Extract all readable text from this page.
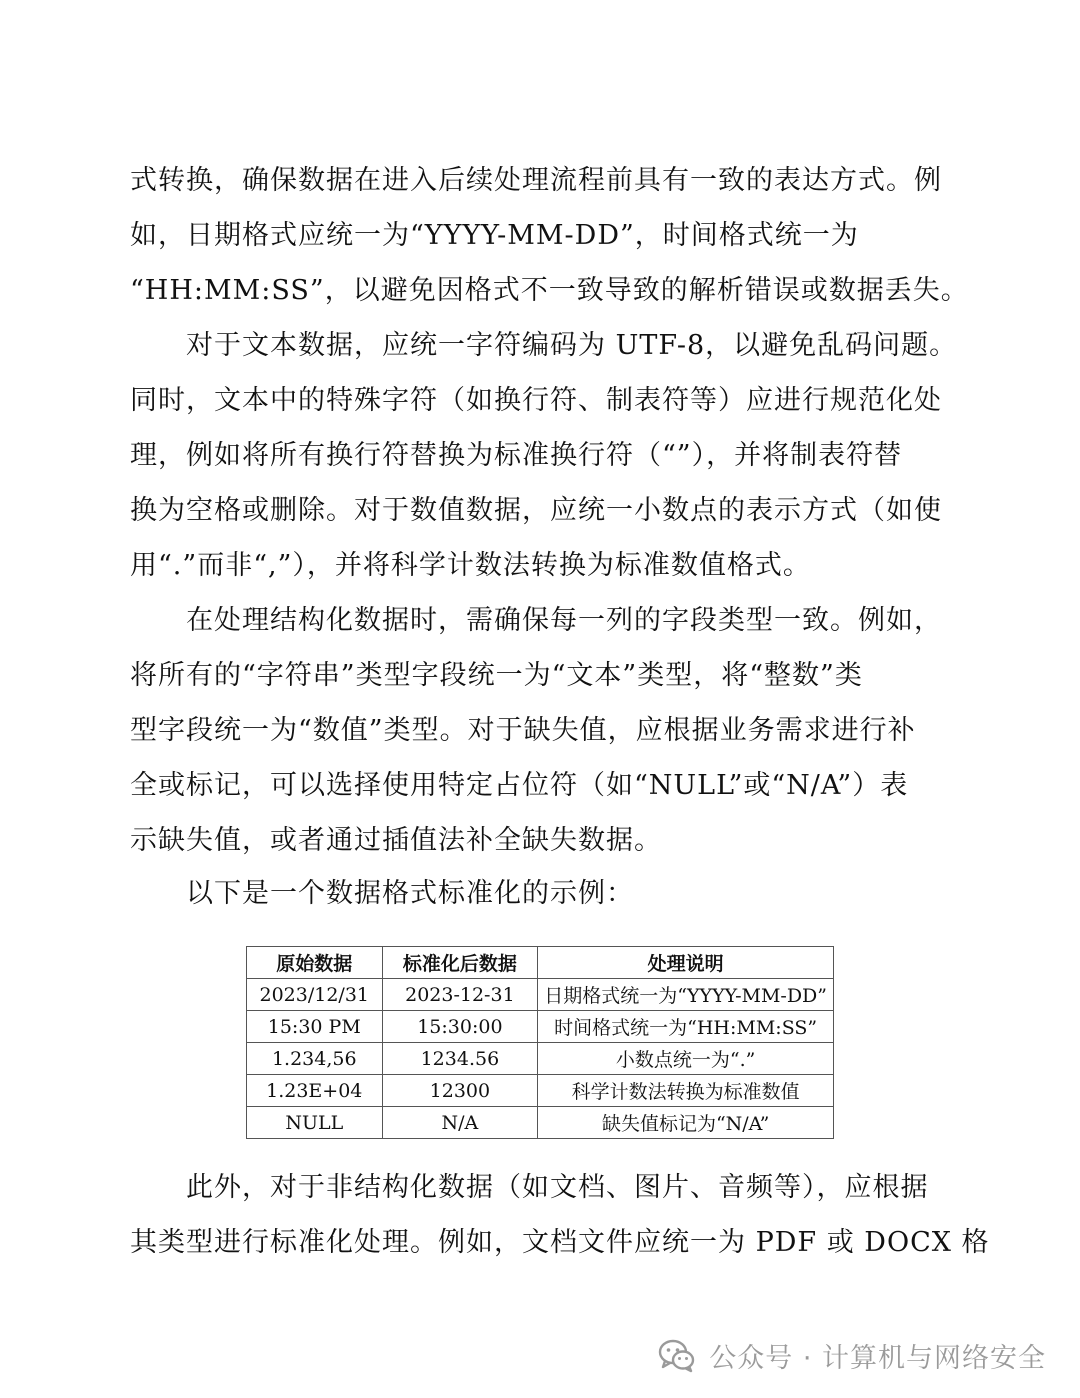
式转换，确保数据在进入后续处理流程前具有一致的表达方式。例
如，日期格式应统一为“YYYY-MM-DD”，时间格式统一为
“HH:MM:SS”，以避免因格式不一致导致的解析错误或数据丢失。

对于文本数据，应统一字符编码为 UTF-8，以避免乱码问题。
同时，文本中的特殊字符（如换行符、制表符等）应进行规范化处
理，例如将所有换行符替换为标准换行符（“”），并将制表符替
换为空格或删除。对于数值数据，应统一小数点的表示方式（如使
用“.”而非“,”），并将科学计数法转换为标准数值格式。

在处理结构化数据时，需确保每一列的字段类型一致。例如，
将所有的“字符串”类型字段统一为“文本”类型，将“整数”类
型字段统一为“数值”类型。对于缺失值，应根据业务需求进行补
全或标记，可以选择使用特定占位符（如“NULL”或“N/A”）表
示缺失值，或者通过插值法补全缺失数据。

以下是一个数据格式标准化的示例：

原始数据	标准化后数据	处理说明
2023/12/31	2023-12-31	日期格式统一为“YYYY-MM-DD”
15:30 PM	15:30:00	时间格式统一为“HH:MM:SS”
1.234,56	1234.56	小数点统一为“.”
1.23E+04	12300	科学计数法转换为标准数值
NULL	N/A	缺失值标记为“N/A”

此外，对于非结构化数据（如文档、图片、音频等），应根据
其类型进行标准化处理。例如，文档文件应统一为 PDF 或 DOCX 格

公众号 · 计算机与网络安全
